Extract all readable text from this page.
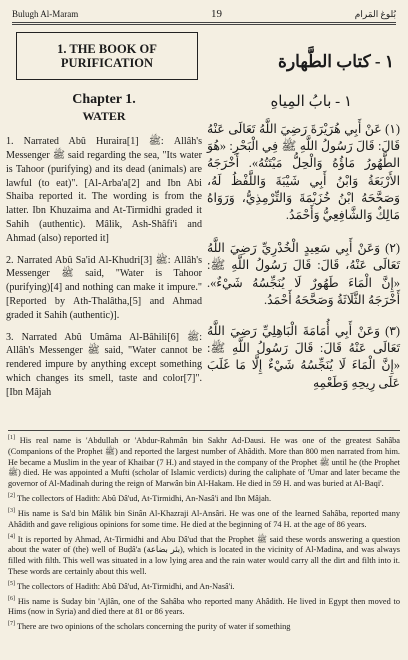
Bulugh Al-Maram	19	بُلوغ المَرام
1. THE BOOK OF
PURIFICATION
Chapter 1.
WATER

1. Narrated Abû Huraira[1] ﷺ: Allâh's Messenger ﷺ said regarding the sea, "Its water is Tahoor (purifying) and its dead (animals) are lawful (to eat)". [Al-Arba'a[2] and Ibn Abi Shaiba reported it. The wording is from the latter. Ibn Khuzaima and At-Tirmidhi graded it Sahih (authentic). Mâlik, Ash-Shâfi'i and Ahmad (also) reported it]

2. Narrated Abû Sa'id Al-Khudri[3] ﷺ: Allâh's Messenger ﷺ said, "Water is Tahoor (purifying)[4] and nothing can make it impure." [Reported by Ath-Thalâtha,[5] and Ahmad graded it Sahih (authentic)].

3. Narrated Abû Umâma Al-Bâhili[6] ﷺ: Allâh's Messenger ﷺ said, "Water cannot be rendered impure by anything except something which changes its smell, taste and color[7]". [Ibn Mâjah

١ - كتاب الطَّهارة
١ - بابُ المِياهِ

(١) عَنْ أَبِي هُرَيْرَةَ رَضِيَ اللَّهُ تَعَالَى عَنْهُ قَالَ: قَالَ رَسُولُ اللَّهِ ﷺ فِي الْبَحْرِ: «هُوَ الطَّهُورُ مَاؤُهُ وَالْحِلُّ مَيْتَتُهُ». أَخْرَجَهُ الأَرْبَعَةُ وَابْنُ أَبِي شَيْبَةَ وَاللَّفْظُ لَهُ، وَصَحَّحَهُ ابْنُ خُزَيْمَةَ وَالتِّرْمِذِيُّ، وَرَوَاهُ مَالِكٌ وَالشَّافِعِيُّ وَأَحْمَدُ.

(٢) وَعَنْ أَبِي سَعِيدٍ الْخُدْرِيِّ رَضِيَ اللَّهُ تَعَالَى عَنْهُ، قَالَ: قَالَ رَسُولُ اللَّهِ ﷺ: «إِنَّ الْمَاءَ طَهُورٌ لَا يُنَجِّسُهُ شَيْءٌ». أَخْرَجَهُ الثَّلَاثَةُ وَصَحَّحَهُ أَحْمَدُ.

(٣) وَعَنْ أَبِي أُمَامَةَ الْبَاهِلِيِّ رَضِيَ اللَّهُ تَعَالَى عَنْهُ قَالَ: قَالَ رَسُولُ اللَّهِ ﷺ: «إِنَّ الْمَاءَ لَا يُنَجِّسُهُ شَيْءٌ إِلَّا مَا غَلَبَ عَلَى رِيحِهِ وَطَعْمِهِ

[1] His real name is 'Abdullah or 'Abdur-Rahmân bin Sakhr Ad-Dausi. He was one of the greatest Sahâba (Companions of the Prophet ﷺ) and reported the largest number of Ahâdith. More than 800 men narrated from him. He became a Muslim in the year of Khaibar (7 H.) and stayed in the company of the Prophet ﷺ until he (the Prophet ﷺ) died. He was appointed a Mufti (scholar of Islamic verdicts) during the caliphate of 'Umar and later became the governor of Al-Madinah during the reign of Marwân bin Al-Hakam. He died in 59 H. and was buried at Al-Baqi'.

[2] The collectors of Hadith: Abû Dâ'ud, At-Tirmidhi, An-Nasâ'i and Ibn Mâjah.

[3] His name is Sa'd bin Mâlik bin Sinân Al-Khazraji Al-Ansâri. He was one of the learned Sahâba, reported many Ahâdith and gave religious opinions for some time. He died at the beginning of 74 H. at the age of 86 years.

[4] It is reported by Ahmad, At-Tirmidhi and Abu Dâ'ud that the Prophet ﷺ said these words answering a question about the water of (the) well of Buḍâ'a (بئر بضاعة), which is located in the vicinity of Al-Madina, and was always filled with filth. This well was situated in a low lying area and the rain water would carry all the dirt and filth into it. These words are certainly about this well.

[5] The collectors of Hadith: Abû Dâ'ud, At-Tirmidhi, and An-Nasâ'i.

[6] His name is Suday bin 'Ajlân, one of the Sahâba who reported many Ahâdith. He lived in Egypt then moved to Hims (now in Syria) and died there at 81 or 86 years.

[7] There are two opinions of the scholars concerning the purity of water if something
